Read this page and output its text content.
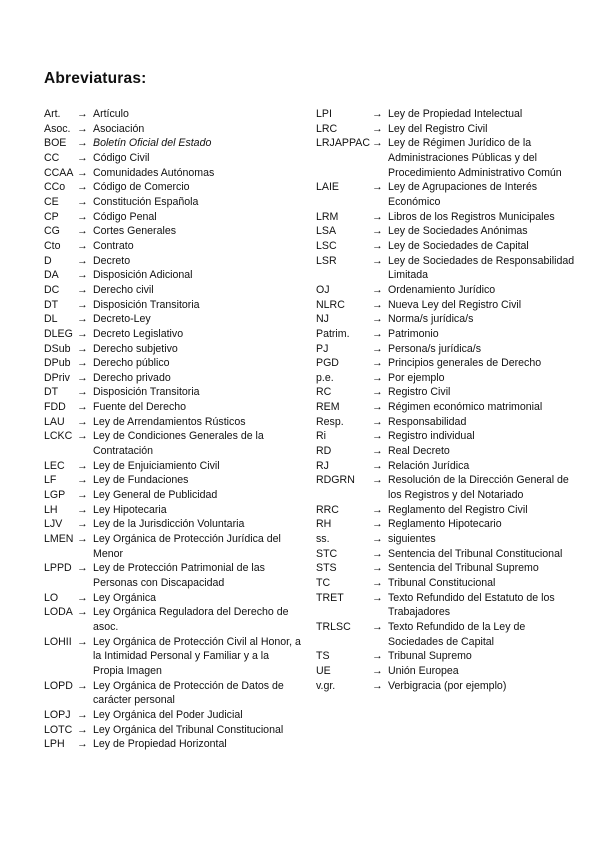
Abreviaturas:
Art.	→ Artículo
Asoc. → Asociación
BOE	→ Boletín Oficial del Estado
CC	→ Código Civil
CCAA → Comunidades Autónomas
CCo	→ Código de Comercio
CE	→ Constitución Española
CP	→ Código Penal
CG	→ Cortes Generales
Cto	→ Contrato
D	→ Decreto
DA	→ Disposición Adicional
DC	→ Derecho civil
DT	→ Disposición Transitoria
DL	→ Decreto-Ley
DLEG → Decreto Legislativo
DSub → Derecho subjetivo
DPub → Derecho público
DPriv → Derecho privado
DT	→ Disposición Transitoria
FDD	→ Fuente del Derecho
LAU	→ Ley de Arrendamientos Rústicos
LCKC → Ley de Condiciones Generales de la Contratación
LEC	→ Ley de Enjuiciamiento Civil
LF	→ Ley de Fundaciones
LGP	→ Ley General de Publicidad
LH	→ Ley Hipotecaria
LJV	→ Ley de la Jurisdicción Voluntaria
LMEN → Ley Orgánica de Protección Jurídica del Menor
LPPD → Ley de Protección Patrimonial de las Personas con Discapacidad
LO	→ Ley Orgánica
LODA → Ley Orgánica Reguladora del Derecho de asoc.
LOHII → Ley Orgánica de Protección Civil al Honor, a la Intimidad Personal y Familiar y a la Propia Imagen
LOPD → Ley Orgánica de Protección de Datos de carácter personal
LOPJ → Ley Orgánica del Poder Judicial
LOTC → Ley Orgánica del Tribunal Constitucional
LPH	→ Ley de Propiedad Horizontal
LPI	→ Ley de Propiedad Intelectual
LRC	→ Ley del Registro Civil
LRJAPPAC → Ley de Régimen Jurídico de la Administraciones Públicas y del Procedimiento Administrativo Común
LAIE	→ Ley de Agrupaciones de Interés Económico
LRM	→ Libros de los Registros Municipales
LSA	→ Ley de Sociedades Anónimas
LSC	→ Ley de Sociedades de Capital
LSR	→ Ley de Sociedades de Responsabilidad Limitada
OJ	→ Ordenamiento Jurídico
NLRC	→ Nueva Ley del Registro Civil
NJ	→ Norma/s jurídica/s
Patrim.	→ Patrimonio
PJ	→ Persona/s jurídica/s
PGD	→ Principios generales de Derecho
p.e.	→ Por ejemplo
RC	→ Registro Civil
REM	→ Régimen económico matrimonial
Resp.	→ Responsabilidad
Ri	→ Registro individual
RD	→ Real Decreto
RJ	→ Relación Jurídica
RDGRN	→ Resolución de la Dirección General de los Registros y del Notariado
RRC	→ Reglamento del Registro Civil
RH	→ Reglamento Hipotecario
ss.	→ siguientes
STC	→ Sentencia del Tribunal Constitucional
STS	→ Sentencia del Tribunal Supremo
TC	→ Tribunal Constitucional
TRET	→ Texto Refundido del Estatuto de los Trabajadores
TRLSC	→ Texto Refundido de la Ley de Sociedades de Capital
TS	→ Tribunal Supremo
UE	→ Unión Europea
v.gr.	→ Verbigracia (por ejemplo)
